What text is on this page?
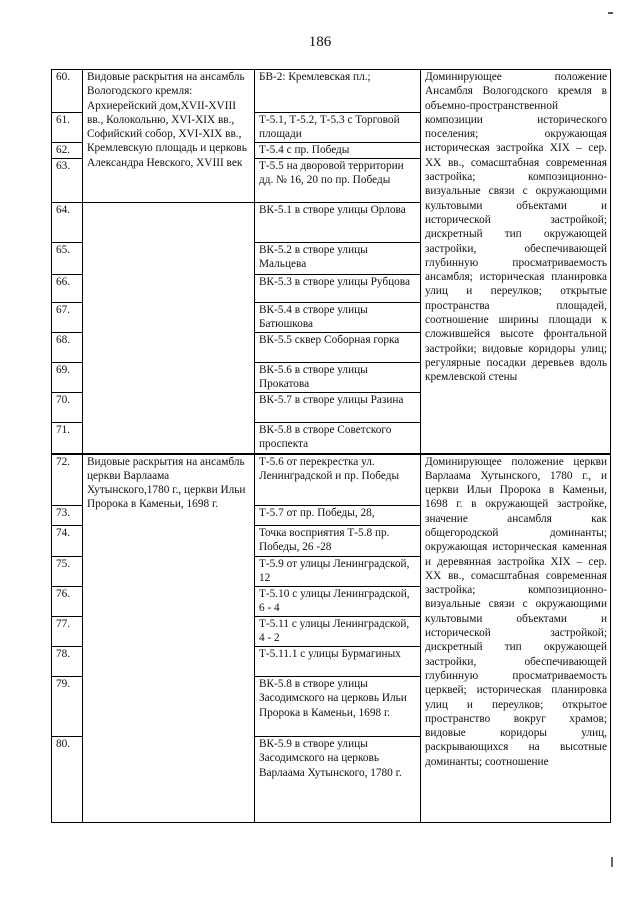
186
60.	Видовые раскрытия на ансамбль Вологодского кремля: Архиерейский дом,XVII-XVIII вв., Колокольню, XVI-XIX вв., Софийский собор, XVI-XIX вв., Кремлевскую площадь и церковь Александра Невского, XVIII век	БВ-2: Кремлевская пл.;	Доминирующее положение Ансамбля Вологодского кремля в объемно-пространственной композиции исторического поселения; окружающая историческая застройка XIX – сер. XX вв., сомасштабная современная застройка; композиционно-визуальные связи с окружающими культовыми объектами и исторической застройкой; дискретный тип окружающей застройки, обеспечивающей глубинную просматриваемость ансамбля; историческая планировка улиц и переулков; открытые пространства площадей, соотношение ширины площади к сложившейся высоте фронтальной застройки; видовые коридоры улиц; регулярные посадки деревьев вдоль кремлевской стены
61.		Т-5.1, Т-5.2, Т-5.3 с Торговой площади	
62.		Т-5.4 с пр. Победы	
63.		Т-5.5 на дворовой территории дд. № 16, 20 по пр. Победы	
64.		ВК-5.1 в створе улицы Орлова	
65.		ВК-5.2 в створе улицы Мальцева	
66.		ВК-5.3 в створе улицы Рубцова	
67.		ВК-5.4 в створе улицы Батюшкова	
68.		ВК-5.5 сквер Соборная горка	
69.		ВК-5.6 в створе улицы Прокатова	
70.		ВК-5.7 в створе улицы Разина	
71.		ВК-5.8 в створе Советского проспекта	
72.	Видовые раскрытия на ансамбль церкви Варлаама Хутынского,1780 г., церкви Ильи Пророка в Каменьи, 1698 г.	Т-5.6 от перекрестка ул. Ленинградской и пр. Победы	Доминирующее положение церкви Варлаама Хутынского, 1780 г., и церкви Ильи Пророка в Каменьи, 1698 г. в окружающей застройке, значение ансамбля как общегородской доминанты; окружающая историческая каменная и деревянная застройка XIX – сер. XX вв., сомасштабная современная застройка; композиционно-визуальные связи с окружающими культовыми объектами и исторической застройкой; дискретный тип окружающей застройки, обеспечивающей глубинную просматриваемость церквей; историческая планировка улиц и переулков; открытое пространство вокруг храмов; видовые коридоры улиц, раскрывающихся на высотные доминанты; соотношение
73.		Т-5.7 от пр. Победы, 28,	
74.		Точка восприятия Т-5.8 пр. Победы, 26 -28	
75.		Т-5.9 от улицы Ленинградской, 12	
76.		Т-5.10 с улицы Ленинградской, 6 - 4	
77.		Т-5.11 с улицы Ленинградской, 4 - 2	
78.		Т-5.11.1 с улицы Бурмагиных	
79.		ВК-5.8 в створе улицы Засодимского на церковь Ильи Пророка в Каменьи, 1698 г.	
80.		ВК-5.9 в створе улицы Засодимского на церковь Варлаама Хутынского, 1780 г.	
